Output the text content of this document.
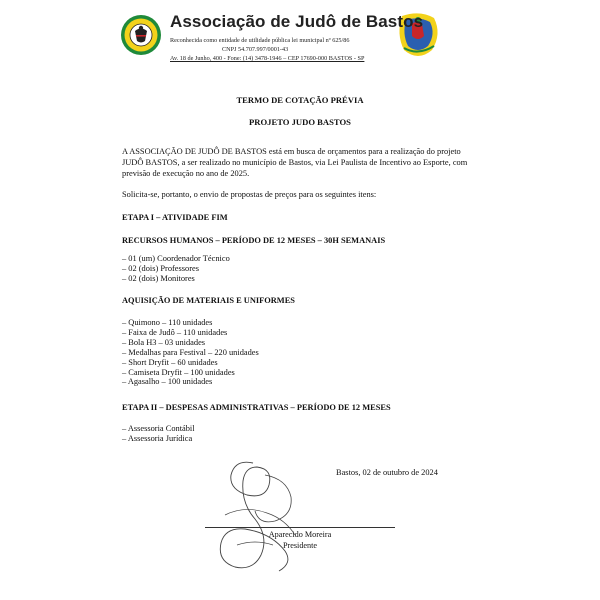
Associação de Judô de Bastos
Reconhecida como entidade de utilidade pública lei municipal nº 625/86
CNPJ 54.707.997/0001-43
Av. 18 de Junho, 400 - Fone: (14) 3478-1946 – CEP 17690-000 BASTOS - SP
TERMO DE COTAÇÃO PRÉVIA
PROJETO JUDO BASTOS
A ASSOCIAÇÃO DE JUDÔ DE BASTOS está em busca de orçamentos para a realização do projeto JUDÔ BASTOS, a ser realizado no município de Bastos, via Lei Paulista de Incentivo ao Esporte, com previsão de execução no ano de 2025.
Solicita-se, portanto, o envio de propostas de preços para os seguintes itens:
ETAPA I – ATIVIDADE FIM
RECURSOS HUMANOS – PERÍODO DE 12 MESES – 30H SEMANAIS
– 01 (um) Coordenador Técnico
– 02 (dois) Professores
– 02 (dois) Monitores
AQUISIÇÃO DE MATERIAIS E UNIFORMES
– Quimono – 110 unidades
– Faixa de Judô – 110 unidades
– Bola H3 – 03 unidades
– Medalhas para Festival – 220 unidades
– Short Dryfit – 60 unidades
– Camiseta Dryfit – 100 unidades
– Agasalho – 100 unidades
ETAPA II – DESPESAS ADMINISTRATIVAS – PERÍODO DE 12 MESES
– Assessoria Contábil
– Assessoria Jurídica
Bastos, 02 de outubro de 2024
Aparecido Moreira
Presidente
